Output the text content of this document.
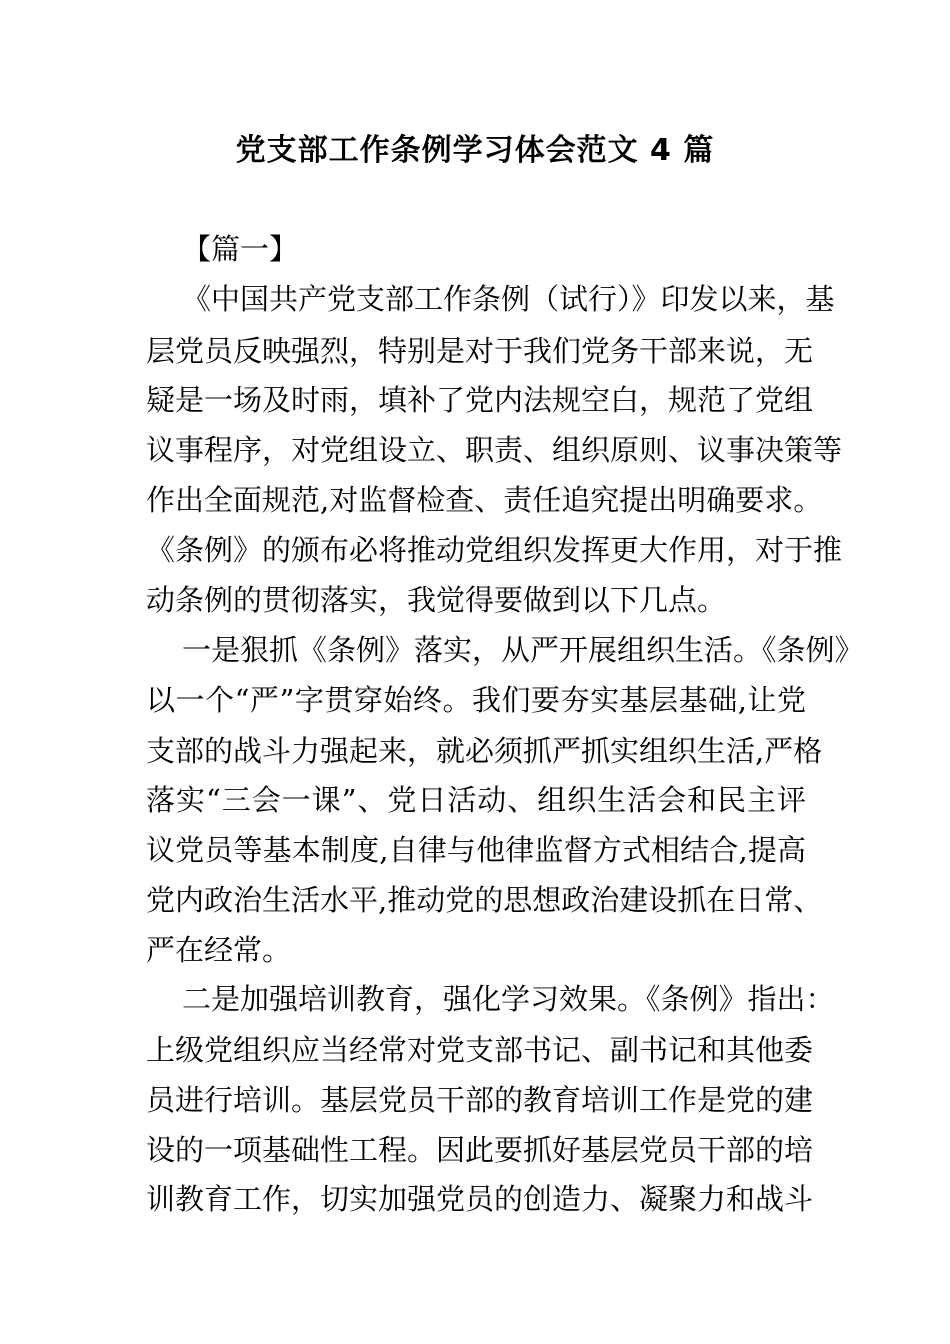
党支部工作条例学习体会范文 4 篇

【篇一】

《中国共产党支部工作条例（试行）》印发以来，基

层党员反映强烈，特别是对于我们党务干部来说，无

疑是一场及时雨，填补了党内法规空白，规范了党组

议事程序，对党组设立、职责、组织原则、议事决策等

作出全面规范,对监督检查、责任追究提出明确要求。

《条例》的颁布必将推动党组织发挥更大作用，对于推

动条例的贯彻落实，我觉得要做到以下几点。

一是狠抓《条例》落实，从严开展组织生活。《条例》

以一个“严”字贯穿始终。我们要夯实基层基础,让党

支部的战斗力强起来，就必须抓严抓实组织生活,严格

落实“三会一课”、党日活动、组织生活会和民主评

议党员等基本制度,自律与他律监督方式相结合,提高

党内政治生活水平,推动党的思想政治建设抓在日常、

严在经常。

二是加强培训教育，强化学习效果。《条例》指出：

上级党组织应当经常对党支部书记、副书记和其他委

员进行培训。基层党员干部的教育培训工作是党的建

设的一项基础性工程。因此要抓好基层党员干部的培

训教育工作，切实加强党员的创造力、凝聚力和战斗
